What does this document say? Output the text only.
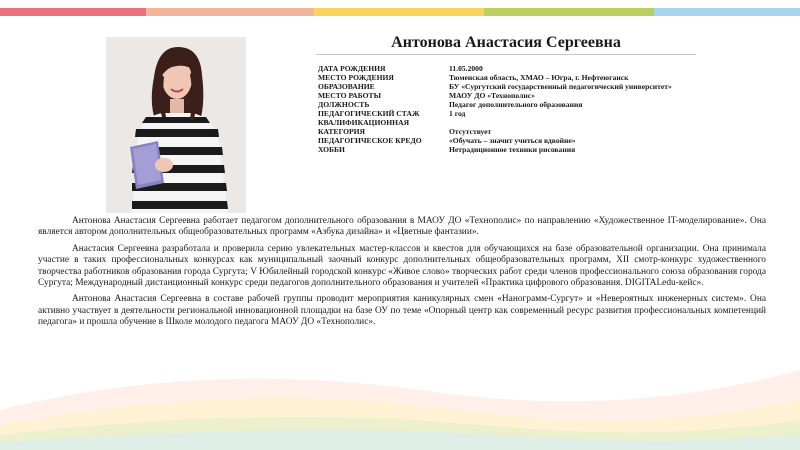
Антонова Анастасия Сергеевна
ДАТА РОЖДЕНИЯ	11.05.2000
МЕСТО РОЖДЕНИЯ	Тюменская область, ХМАО – Югра, г. Нефтеюганск
ОБРАЗОВАНИЕ	БУ «Сургутский государственный педагогический университет»
МЕСТО РАБОТЫ	МАОУ ДО «Технополис»
ДОЛЖНОСТЬ	Педагог дополнительного образования
ПЕДАГОГИЧЕСКИЙ СТАЖ	1 год
КВАЛИФИКАЦИОННАЯ
КАТЕГОРИЯ	Отсутствует
ПЕДАГОГИЧЕСКОЕ КРЕДО	«Обучать – значит учиться вдвойне»
ХОББИ	Нетрадиционное техники рисования

Антонова Анастасия Сергеевна работает педагогом дополнительного образования в МАОУ ДО «Технополис» по направлению «Художественное IT-моделирование». Она является автором дополнительных общеобразовательных программ «Азбука дизайна» и «Цветные фантазии».

Анастасия Сергеевна разработала и проверила серию увлекательных мастер-классов и квестов для обучающихся на базе образовательной организации. Она принимала участие в таких профессиональных конкурсах как муниципальный заочный конкурс дополнительных общеобразовательных программ, XII смотр-конкурс художественного творчества работников образования города Сургута; V Юбилейный городской конкурс «Живое слово» творческих работ среди членов профессионального союза образования города Сургута; Международный дистанционный конкурс среди педагогов дополнительного образования и учителей «Практика цифрового образования. DIGITALedu-кейс».

Антонова Анастасия Сергеевна в составе рабочей группы проводит мероприятия каникулярных смен «Нанограмм-Сургут» и «Невероятных инженерных систем». Она активно участвует в деятельности региональной инновационной площадки на базе ОУ по теме «Опорный центр как современный ресурс развития профессиональных компетенций педагога» и прошла обучение в Школе молодого педагога МАОУ ДО «Технополис».
